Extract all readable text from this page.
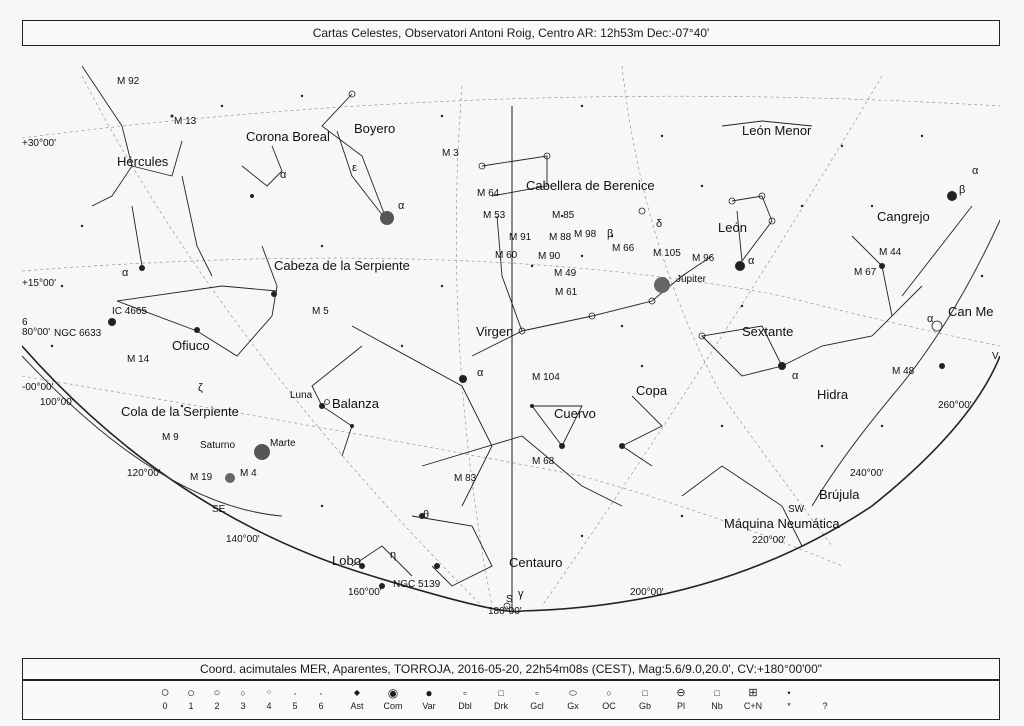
Cartas Celestes, Observatori Antoni Roig, Centro AR: 12h53m Dec:-07°40'
Corona Boreal
Boyero
Hércules
Cabellera de Berenice
León
León Menor
Cangrejo
Cabeza de la Serpiente
Ofiuco
Virgen	Sextante
Cola de la Serpiente
Balanza
Copa
Cuervo
Hidra
Brújula
Máquina Neumática
Centauro
Lobo
Can Me
M 92
M 13
M 3
M 64
M 53	M 85
M 91 M 88 M 98
M 60 M 90
M 49
M 61
M 66 M 105 M 96
M 44
M 67
M 5
IC 4665
NGC 6633
M 14
M 104
M 48
M 9
M 19	M 4
M 68
M 83
NGC 5139
Júpiter
Luna
Saturno	Marte
α
ε
α
β
δ
α
α
α	α
α
β
α
ζ
θ
η
γ
+30°00'
+15°00'
-00°00'
100°00'
120°00'
140°00'
160°00'
180°00'
200°00'
220°00'
240°00'
260°00'
80°00'
6
V
SE	SW
S
Coord. acimutales MER, Aparentes, TORROJA, 2016-05-20, 22h54m08s (CEST), Mag:5.6/9.0,20.0', CV:+180°00'00"
○
0
○
1
○
2
○
3
○
4
·
5
·
6
◆
Ast
◉
Com
●
Var
◦
Dbl
□
Drk
◦
Gcl
⬭
Gx
○
OC
□
Gb
⊖
Pl
□
Nb
⊞
C+N
•
*	?
